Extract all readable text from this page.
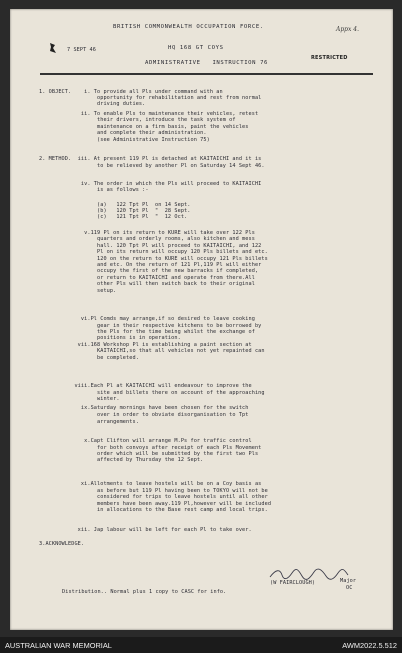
BRITISH COMMONWEALTH OCCUPATION FORCE.	Appx 4.
7 SEPT 46	HQ 168 GT COYS
ADMINISTRATIVE   INSTRUCTION 76
RESTRICTED
1. OBJECT.    i. To provide all Pls under command with an
opportunity for rehabilitation and rest from normal
driving duties.
ii. To enable Pls to maintenance their vehicles, retest
their drivers, introduce the task system of
maintenance on a firm basis, paint the vehicles
and complete their administration.
(see Administrative Instruction 75)
2. METHOD.  iii. At present 119 Pl is detached at KAITAICHI and it is
to be relieved by another Pl on Saturday 14 Sept 46.
iv. The order in which the Pls will proceed to KAITAICHI
is as follows :-
(a)   122 Tpt Pl  on 14 Sept.
(b)   120 Tpt Pl  "  28 Sept.
(c)   121 Tpt Pl  "  12 Oct.
v.119 Pl on its return to KURE will take over 122 Pls
quarters and orderly rooms, also kitchen and mess
hall. 120 Tpt Pl will proceed to KAITAICHI, and 122
Pl on its return will occupy 120 Pls billets and etc.
120 on the return to KURE will occupy 121 Pls billets
and etc. On the return of 121 Pl,119 Pl will either
occupy the first of the new barracks if completed,
or return to KAITAICHI and operate from there.All
other Pls will then switch back to their original
setup.
vi.Pl Comds may arrange,if so desired to leave cooking
gear in their respective kitchens to be borrowed by
the Pls for the time being whilst the exchange of
positions is in operation.
vii.168 Workshop Pl is establishing a paint section at
KAITAICHI,so that all vehicles not yet repainted can
be completed.
viii.Each Pl at KAITAICHI will endeavour to improve the
site and billets there on account of the approaching
winter.
ix.Saturday mornings have been chosen for the switch
over in order to obviate disorganisation to Tpt
arrangements.
x.Capt Clifton will arrange M.Ps for traffic control
for both convoys after receipt of each Pls Movement
order which will be submitted by the first two Pls
affected by Thursday the 12 Sept.
xi.Allotments to leave hostels will be on a Coy basis as
as before but 119 Pl having been to TOKYO will not be
considered for trips to leave hostels until all other
members have been away.119 Pl,however will be included
in allocations to the Base rest camp and local trips.
xii. Jap labour will be left for each Pl to take over.
3.ACKNOWLEDGE.
(W FAIRCLOUGH)	Major
OC
Distribution.. Normal plus 1 copy to CASC for info.
AUSTRALIAN WAR MEMORIAL	AWM2022.5.512
